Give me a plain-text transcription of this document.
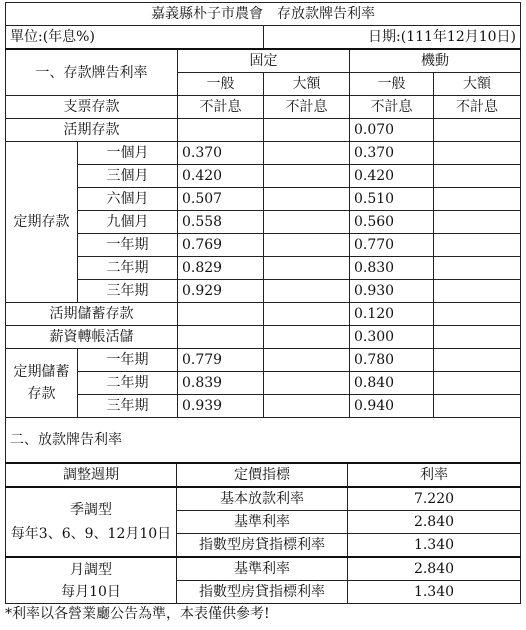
嘉義縣朴子市農會　存放款牌告利率					
單位:(年息%)			日期:(111年12月10日)		
一、存款牌告利率		固定		機動	
		一般	大額	一般	大額
支票存款		不計息	不計息	不計息	不計息
活期存款				0.070	
定期存款	一個月	0.370		0.370	
	三個月	0.420		0.420	
	六個月	0.507		0.510	
	九個月	0.558		0.560	
	一年期	0.769		0.770	
	二年期	0.829		0.830	
	三年期	0.929		0.930	
活期儲蓄存款				0.120	
薪資轉帳活儲				0.300	
定期儲蓄存款	一年期	0.779		0.780	
	二年期	0.839		0.840	
	三年期	0.939		0.940	
二、放款牌告利率		
調整週期	定價指標	利率

季調型
每年3、6、9、12月10日	基本放款利率	7.220
	基準利率	2.840
	指數型房貸指標利率	1.340

月調型
每月10日	基準利率	2.840
	指數型房貸指標利率	1.340
*利率以各營業廳公告為準，本表僅供參考!
